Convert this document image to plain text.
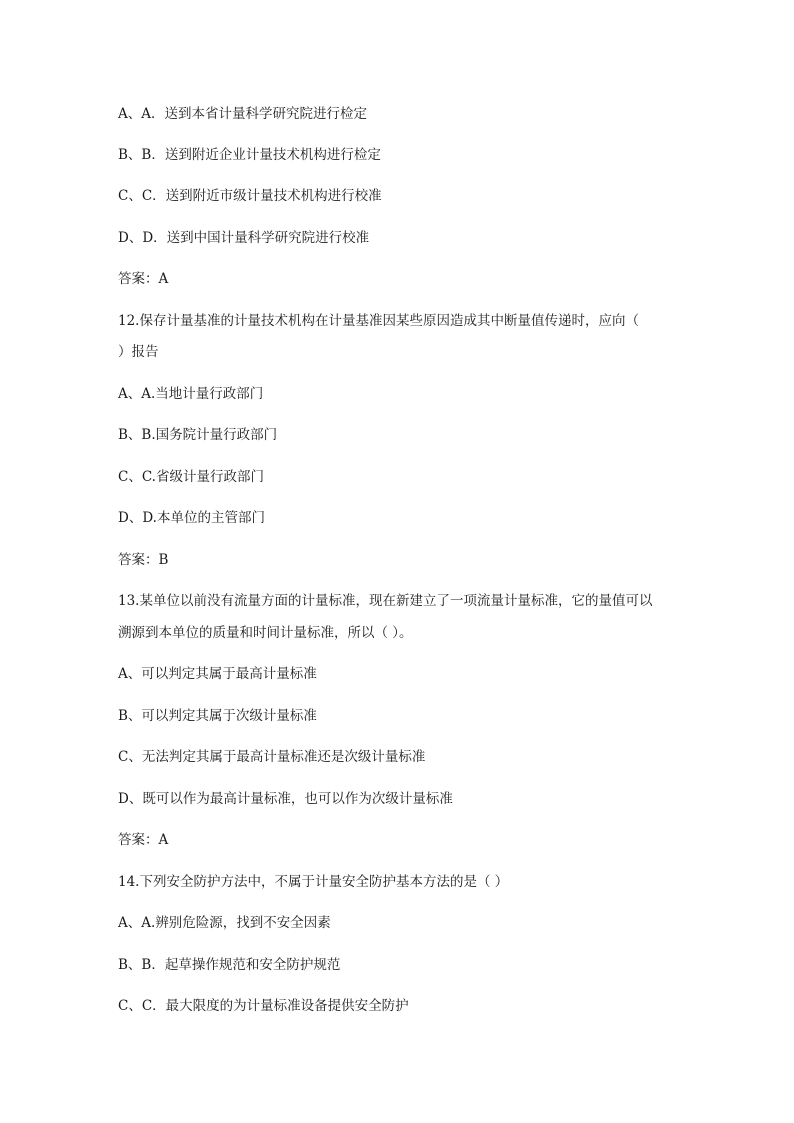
A、A．送到本省计量科学研究院进行检定
B、B．送到附近企业计量技术机构进行检定
C、C．送到附近市级计量技术机构进行校准
D、D．送到中国计量科学研究院进行校准
答案：A
12.保存计量基准的计量技术机构在计量基准因某些原因造成其中断量值传递时，应向（
）报告
A、A.当地计量行政部门
B、B.国务院计量行政部门
C、C.省级计量行政部门
D、D.本单位的主管部门
答案：B
13.某单位以前没有流量方面的计量标准，现在新建立了一项流量计量标准，它的量值可以
溯源到本单位的质量和时间计量标准，所以（ ）。
A、可以判定其属于最高计量标准
B、可以判定其属于次级计量标准
C、无法判定其属于最高计量标准还是次级计量标准
D、既可以作为最高计量标准，也可以作为次级计量标准
答案：A
14.下列安全防护方法中，不属于计量安全防护基本方法的是（ ）
A、A.辨别危险源，找到不安全因素
B、B．起草操作规范和安全防护规范
C、C．最大限度的为计量标准设备提供安全防护
